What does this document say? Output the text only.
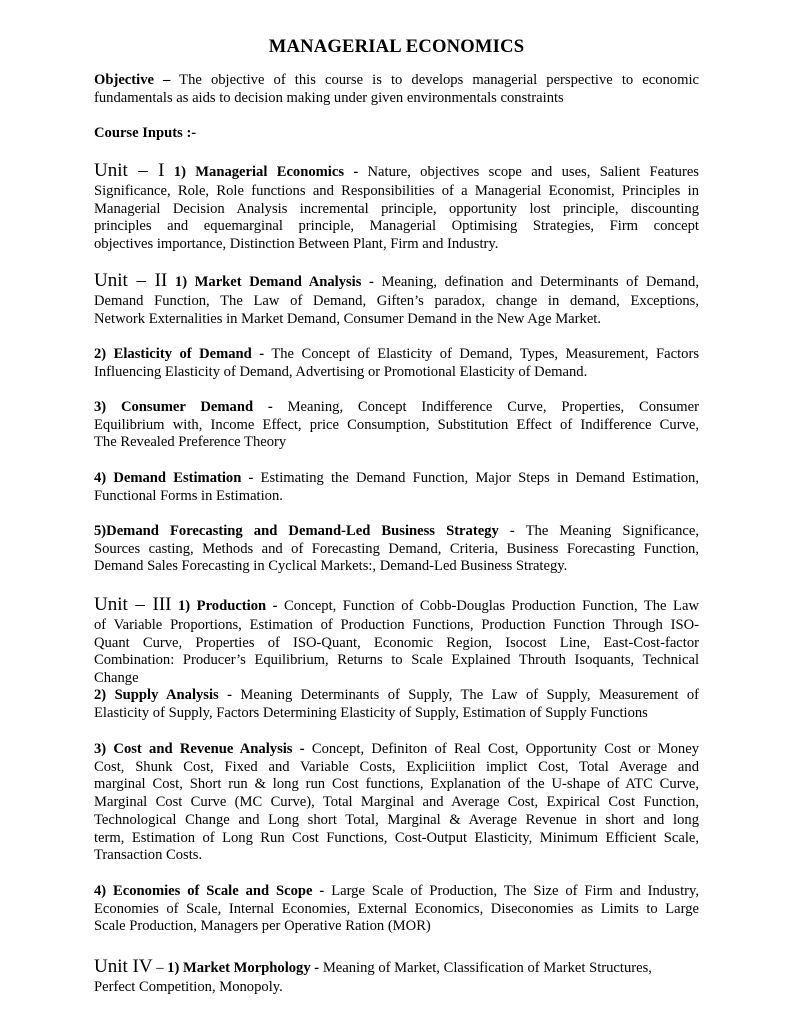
MANAGERIAL ECONOMICS
Objective – The objective of this course is to develops managerial perspective to economic
fundamentals as aids to decision making under given environmentals constraints
Course Inputs :-
Unit – I 1) Managerial Economics - Nature, objectives scope and uses, Salient Features
Significance, Role, Role functions and Responsibilities of a Managerial Economist, Principles in
Managerial Decision Analysis incremental principle, opportunity lost principle, discounting
principles and equemarginal principle, Managerial Optimising Strategies, Firm concept
objectives importance, Distinction Between Plant, Firm and Industry.
Unit – II 1) Market Demand Analysis - Meaning, defination and Determinants of Demand,
Demand Function, The Law of Demand, Giften’s paradox, change in demand, Exceptions,
Network Externalities in Market Demand, Consumer Demand in the New Age Market.
2) Elasticity of Demand - The Concept of Elasticity of Demand, Types, Measurement, Factors
Influencing Elasticity of Demand, Advertising or Promotional Elasticity of Demand.
3) Consumer Demand - Meaning, Concept Indifference Curve, Properties, Consumer
Equilibrium with, Income Effect, price Consumption, Substitution Effect of Indifference Curve,
The Revealed Preference Theory
4) Demand Estimation - Estimating the Demand Function, Major Steps in Demand Estimation,
Functional Forms in Estimation.
5)Demand Forecasting and Demand-Led Business Strategy - The Meaning Significance,
Sources casting, Methods and of Forecasting Demand, Criteria, Business Forecasting Function,
Demand Sales Forecasting in Cyclical Markets:, Demand-Led Business Strategy.
Unit – III 1) Production - Concept, Function of Cobb-Douglas Production Function, The Law
of Variable Proportions, Estimation of Production Functions, Production Function Through ISO-
Quant Curve, Properties of ISO-Quant, Economic Region, Isocost Line, East-Cost-factor
Combination: Producer’s Equilibrium, Returns to Scale Explained Throuth Isoquants, Technical
Change
2) Supply Analysis - Meaning Determinants of Supply, The Law of Supply, Measurement of
Elasticity of Supply, Factors Determining Elasticity of Supply, Estimation of Supply Functions
3) Cost and Revenue Analysis - Concept, Definiton of Real Cost, Opportunity Cost or Money
Cost, Shunk Cost, Fixed and Variable Costs, Expliciition implict Cost, Total Average and
marginal Cost, Short run & long run Cost functions, Explanation of the U-shape of ATC Curve,
Marginal Cost Curve (MC Curve), Total Marginal and Average Cost, Expirical Cost Function,
Technological Change and Long short Total, Marginal & Average Revenue in short and long
term, Estimation of Long Run Cost Functions, Cost-Output Elasticity, Minimum Efficient Scale,
Transaction Costs.
4) Economies of Scale and Scope - Large Scale of Production, The Size of Firm and Industry,
Economies of Scale, Internal Economies, External Economics, Diseconomies as Limits to Large
Scale Production, Managers per Operative Ration (MOR)
Unit IV – 1) Market Morphology - Meaning of Market, Classification of Market Structures,
Perfect Competition, Monopoly.
